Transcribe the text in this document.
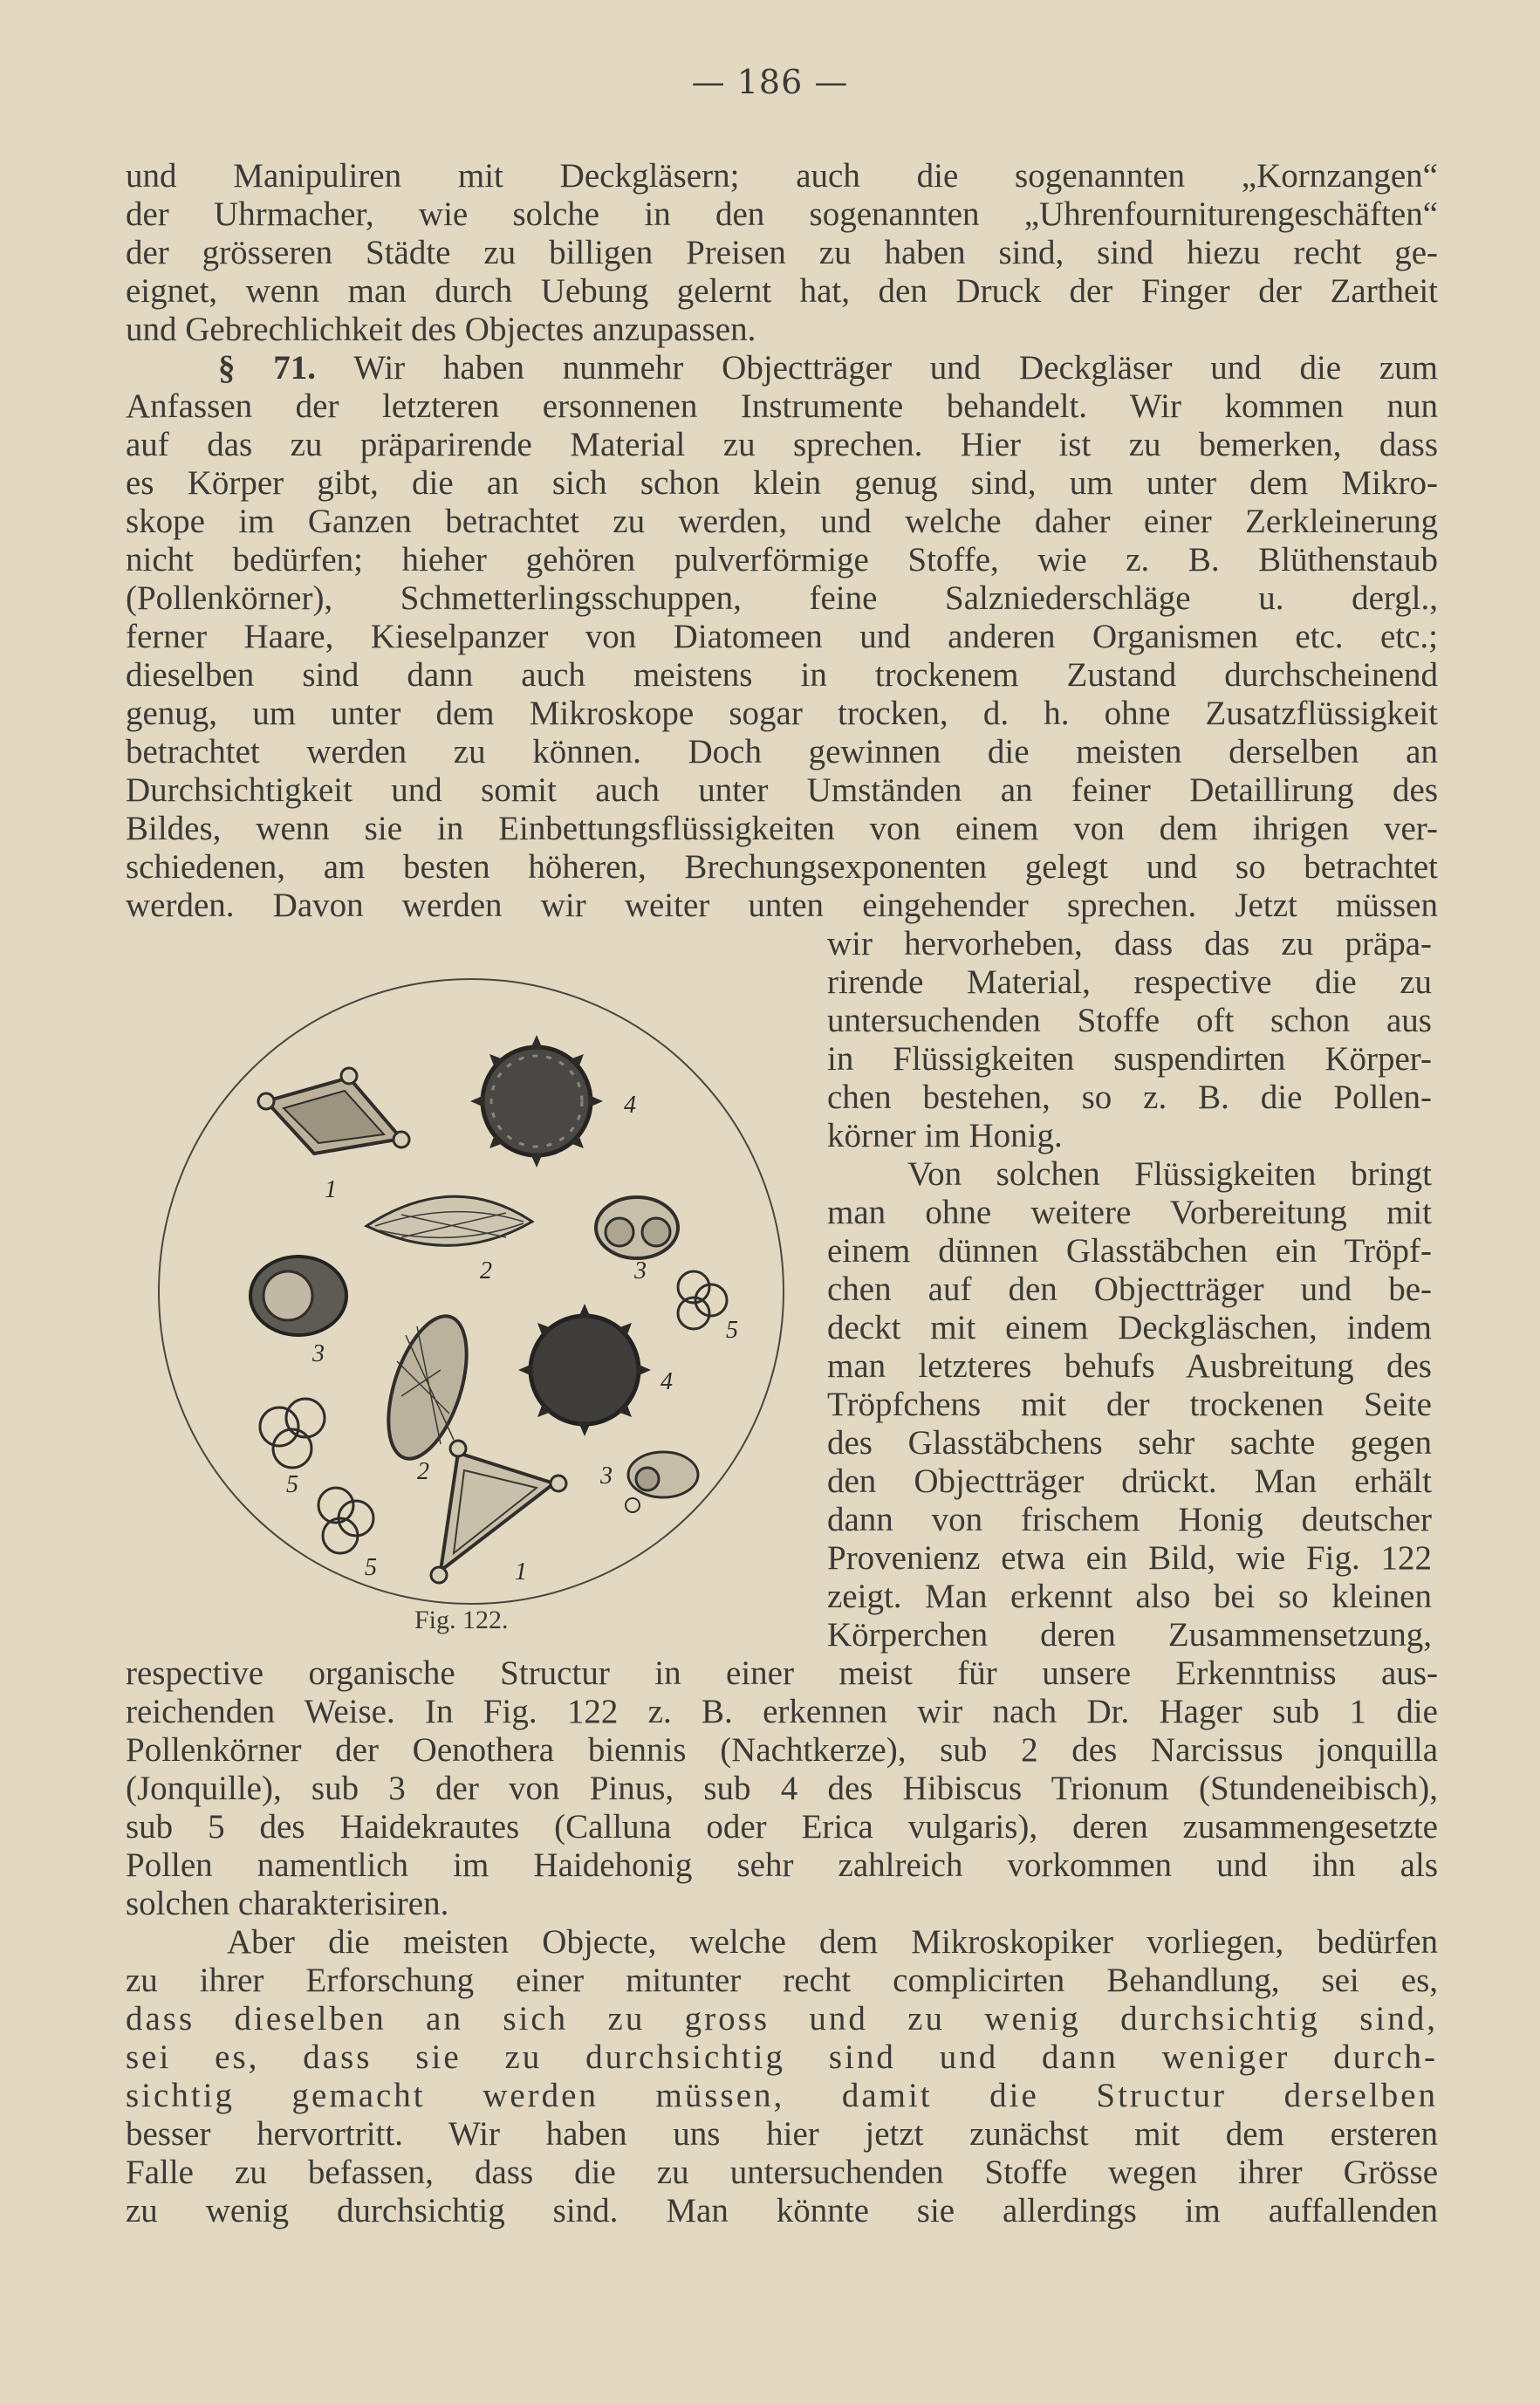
— 186 —
und Manipuliren mit Deckgläsern; auch die sogenannten „Kornzangen“
der Uhrmacher, wie solche in den sogenannten „Uhrenfourniturengeschäften“
der grösseren Städte zu billigen Preisen zu haben sind, sind hiezu recht ge-
eignet, wenn man durch Uebung gelernt hat, den Druck der Finger der Zartheit
und Gebrechlichkeit des Objectes anzupassen.
§ 71. Wir haben nunmehr Objectträger und Deckgläser und die zum
Anfassen der letzteren ersonnenen Instrumente behandelt. Wir kommen nun
auf das zu präparirende Material zu sprechen. Hier ist zu bemerken, dass
es Körper gibt, die an sich schon klein genug sind, um unter dem Mikro-
skope im Ganzen betrachtet zu werden, und welche daher einer Zerkleinerung
nicht bedürfen; hieher gehören pulverförmige Stoffe, wie z. B. Blüthenstaub
(Pollenkörner), Schmetterlingsschuppen, feine Salzniederschläge u. dergl.,
ferner Haare, Kieselpanzer von Diatomeen und anderen Organismen etc. etc.;
dieselben sind dann auch meistens in trockenem Zustand durchscheinend
genug, um unter dem Mikroskope sogar trocken, d. h. ohne Zusatzflüssigkeit
betrachtet werden zu können. Doch gewinnen die meisten derselben an
Durchsichtigkeit und somit auch unter Umständen an feiner Detaillirung des
Bildes, wenn sie in Einbettungsflüssigkeiten von einem von dem ihrigen ver-
schiedenen, am besten höheren, Brechungsexponenten gelegt und so betrachtet
werden. Davon werden wir weiter unten eingehender sprechen. Jetzt müssen
wir hervorheben, dass das zu präpa-
rirende Material, respective die zu
untersuchenden Stoffe oft schon aus
in Flüssigkeiten suspendirten Körper-
chen bestehen, so z. B. die Pollen-
körner im Honig.
Von solchen Flüssigkeiten bringt
man ohne weitere Vorbereitung mit
einem dünnen Glasstäbchen ein Tröpf-
chen auf den Objectträger und be-
deckt mit einem Deckgläschen, indem
man letzteres behufs Ausbreitung des
Tröpfchens mit der trockenen Seite
des Glasstäbchens sehr sachte gegen
den Objectträger drückt. Man erhält
dann von frischem Honig deutscher
Provenienz etwa ein Bild, wie Fig. 122
zeigt. Man erkennt also bei so kleinen
Körperchen deren Zusammensetzung,
respective organische Structur in einer meist für unsere Erkenntniss aus-
reichenden Weise. In Fig. 122 z. B. erkennen wir nach Dr. Hager sub 1 die
Pollenkörner der Oenothera biennis (Nachtkerze), sub 2 des Narcissus jonquilla
(Jonquille), sub 3 der von Pinus, sub 4 des Hibiscus Trionum (Stundeneibisch),
sub 5 des Haidekrautes (Calluna oder Erica vulgaris), deren zusammengesetzte
Pollen namentlich im Haidehonig sehr zahlreich vorkommen und ihn als
solchen charakterisiren.
Aber die meisten Objecte, welche dem Mikroskopiker vorliegen, bedürfen
zu ihrer Erforschung einer mitunter recht complicirten Behandlung, sei es,
dass dieselben an sich zu gross und zu wenig durchsichtig sind,
sei es, dass sie zu durchsichtig sind und dann weniger durch-
sichtig gemacht werden müssen, damit die Structur derselben
besser hervortritt. Wir haben uns hier jetzt zunächst mit dem ersteren
Falle zu befassen, dass die zu untersuchenden Stoffe wegen ihrer Grösse
zu wenig durchsichtig sind. Man könnte sie allerdings im auffallenden
1
1
2
2
3
3
3
4
4
5
5
5
Fig. 122.
